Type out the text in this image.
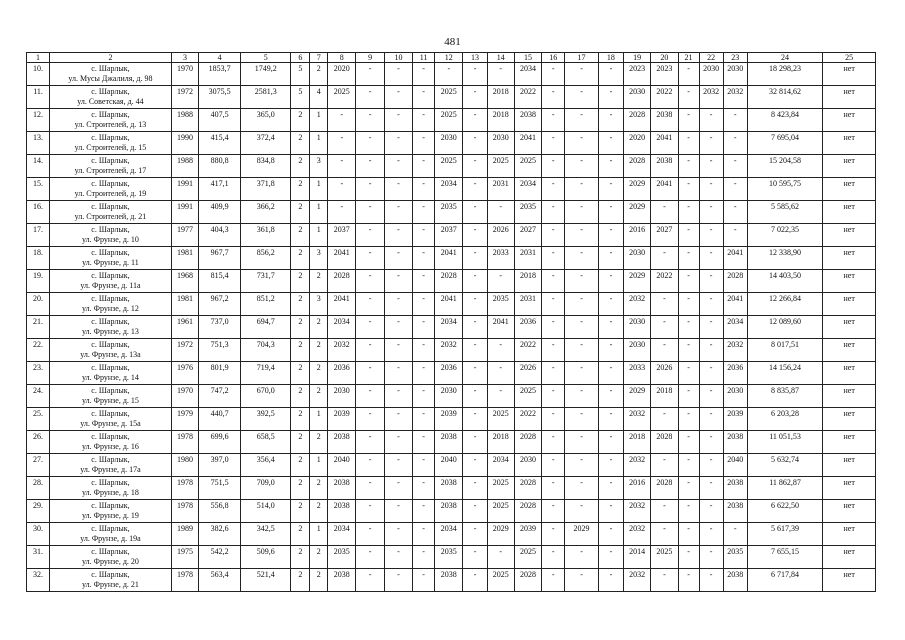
481
1	2	3	4	5	6	7	8	9	10	11	12	13	14	15	16	17	18	19	20	21	22	23	24	25
10.	с. Шарлык,
ул. Мусы Джалиля, д. 98	1970	1853,7	1749,2	5	2	2020	-	-	-	-	-	-	2034	-	-	-	2023	2023	-	2030	2030	18 298,23	нет
11.	с. Шарлык,
ул. Советская, д. 44	1972	3075,5	2581,3	5	4	2025	-	-	-	2025	-	2018	2022	-	-	-	2030	2022	-	2032	2032	32 814,62	нет
12.	с. Шарлык,
ул. Строителей, д. 13	1988	407,5	365,0	2	1	-	-	-	-	2025	-	2018	2038	-	-	-	2028	2038	-	-	-	8 423,84	нет
13.	с. Шарлык,
ул. Строителей, д. 15	1990	415,4	372,4	2	1	-	-	-	-	2030	-	2030	2041	-	-	-	2020	2041	-	-	-	7 695,04	нет
14.	с. Шарлык,
ул. Строителей, д. 17	1988	880,8	834,8	2	3	-	-	-	-	2025	-	2025	2025	-	-	-	2028	2038	-	-	-	15 204,58	нет
15.	с. Шарлык,
ул. Строителей, д. 19	1991	417,1	371,8	2	1	-	-	-	-	2034	-	2031	2034	-	-	-	2029	2041	-	-	-	10 595,75	нет
16.	с. Шарлык,
ул. Строителей, д. 21	1991	409,9	366,2	2	1	-	-	-	-	2035	-	-	2035	-	-	-	2029	-	-	-	-	5 585,62	нет
17.	с. Шарлык,
ул. Фрунзе, д. 10	1977	404,3	361,8	2	1	2037	-	-	-	2037	-	2026	2027	-	-	-	2016	2027	-	-	-	7 022,35	нет
18.	с. Шарлык,
ул. Фрунзе, д. 11	1981	967,7	856,2	2	3	2041	-	-	-	2041	-	2033	2031	-	-	-	2030	-	-	-	2041	12 338,90	нет
19.	с. Шарлык,
ул. Фрунзе, д. 11а	1968	815,4	731,7	2	2	2028	-	-	-	2028	-	-	2018	-	-	-	2029	2022	-	-	2028	14 403,50	нет
20.	с. Шарлык,
ул. Фрунзе, д. 12	1981	967,2	851,2	2	3	2041	-	-	-	2041	-	2035	2031	-	-	-	2032	-	-	-	2041	12 266,84	нет
21.	с. Шарлык,
ул. Фрунзе, д. 13	1961	737,0	694,7	2	2	2034	-	-	-	2034	-	2041	2036	-	-	-	2030	-	-	-	2034	12 089,60	нет
22.	с. Шарлык,
ул. Фрунзе, д. 13а	1972	751,3	704,3	2	2	2032	-	-	-	2032	-	-	2022	-	-	-	2030	-	-	-	2032	8 017,51	нет
23.	с. Шарлык,
ул. Фрунзе, д. 14	1976	801,9	719,4	2	2	2036	-	-	-	2036	-	-	2026	-	-	-	2033	2026	-	-	2036	14 156,24	нет
24.	с. Шарлык,
ул. Фрунзе, д. 15	1970	747,2	670,0	2	2	2030	-	-	-	2030	-	-	2025	-	-	-	2029	2018	-	-	2030	8 835,87	нет
25.	с. Шарлык,
ул. Фрунзе, д. 15а	1979	440,7	392,5	2	1	2039	-	-	-	2039	-	2025	2022	-	-	-	2032	-	-	-	2039	6 203,28	нет
26.	с. Шарлык,
ул. Фрунзе, д. 16	1978	699,6	658,5	2	2	2038	-	-	-	2038	-	2018	2028	-	-	-	2018	2028	-	-	2038	11 051,53	нет
27.	с. Шарлык,
ул. Фрунзе, д. 17а	1980	397,0	356,4	2	1	2040	-	-	-	2040	-	2034	2030	-	-	-	2032	-	-	-	2040	5 632,74	нет
28.	с. Шарлык,
ул. Фрунзе, д. 18	1978	751,5	709,0	2	2	2038	-	-	-	2038	-	2025	2028	-	-	-	2016	2028	-	-	2038	11 862,87	нет
29.	с. Шарлык,
ул. Фрунзе, д. 19	1978	556,8	514,0	2	2	2038	-	-	-	2038	-	2025	2028	-	-	-	2032	-	-	-	2038	6 622,50	нет
30.	с. Шарлык,
ул. Фрунзе, д. 19а	1989	382,6	342,5	2	1	2034	-	-	-	2034	-	2029	2039	-	2029	-	2032	-	-	-	-	5 617,39	нет
31.	с. Шарлык,
ул. Фрунзе, д. 20	1975	542,2	509,6	2	2	2035	-	-	-	2035	-	-	2025	-	-	-	2014	2025	-	-	2035	7 655,15	нет
32.	с. Шарлык,
ул. Фрунзе, д. 21	1978	563,4	521,4	2	2	2038	-	-	-	2038	-	2025	2028	-	-	-	2032	-	-	-	2038	6 717,84	нет
